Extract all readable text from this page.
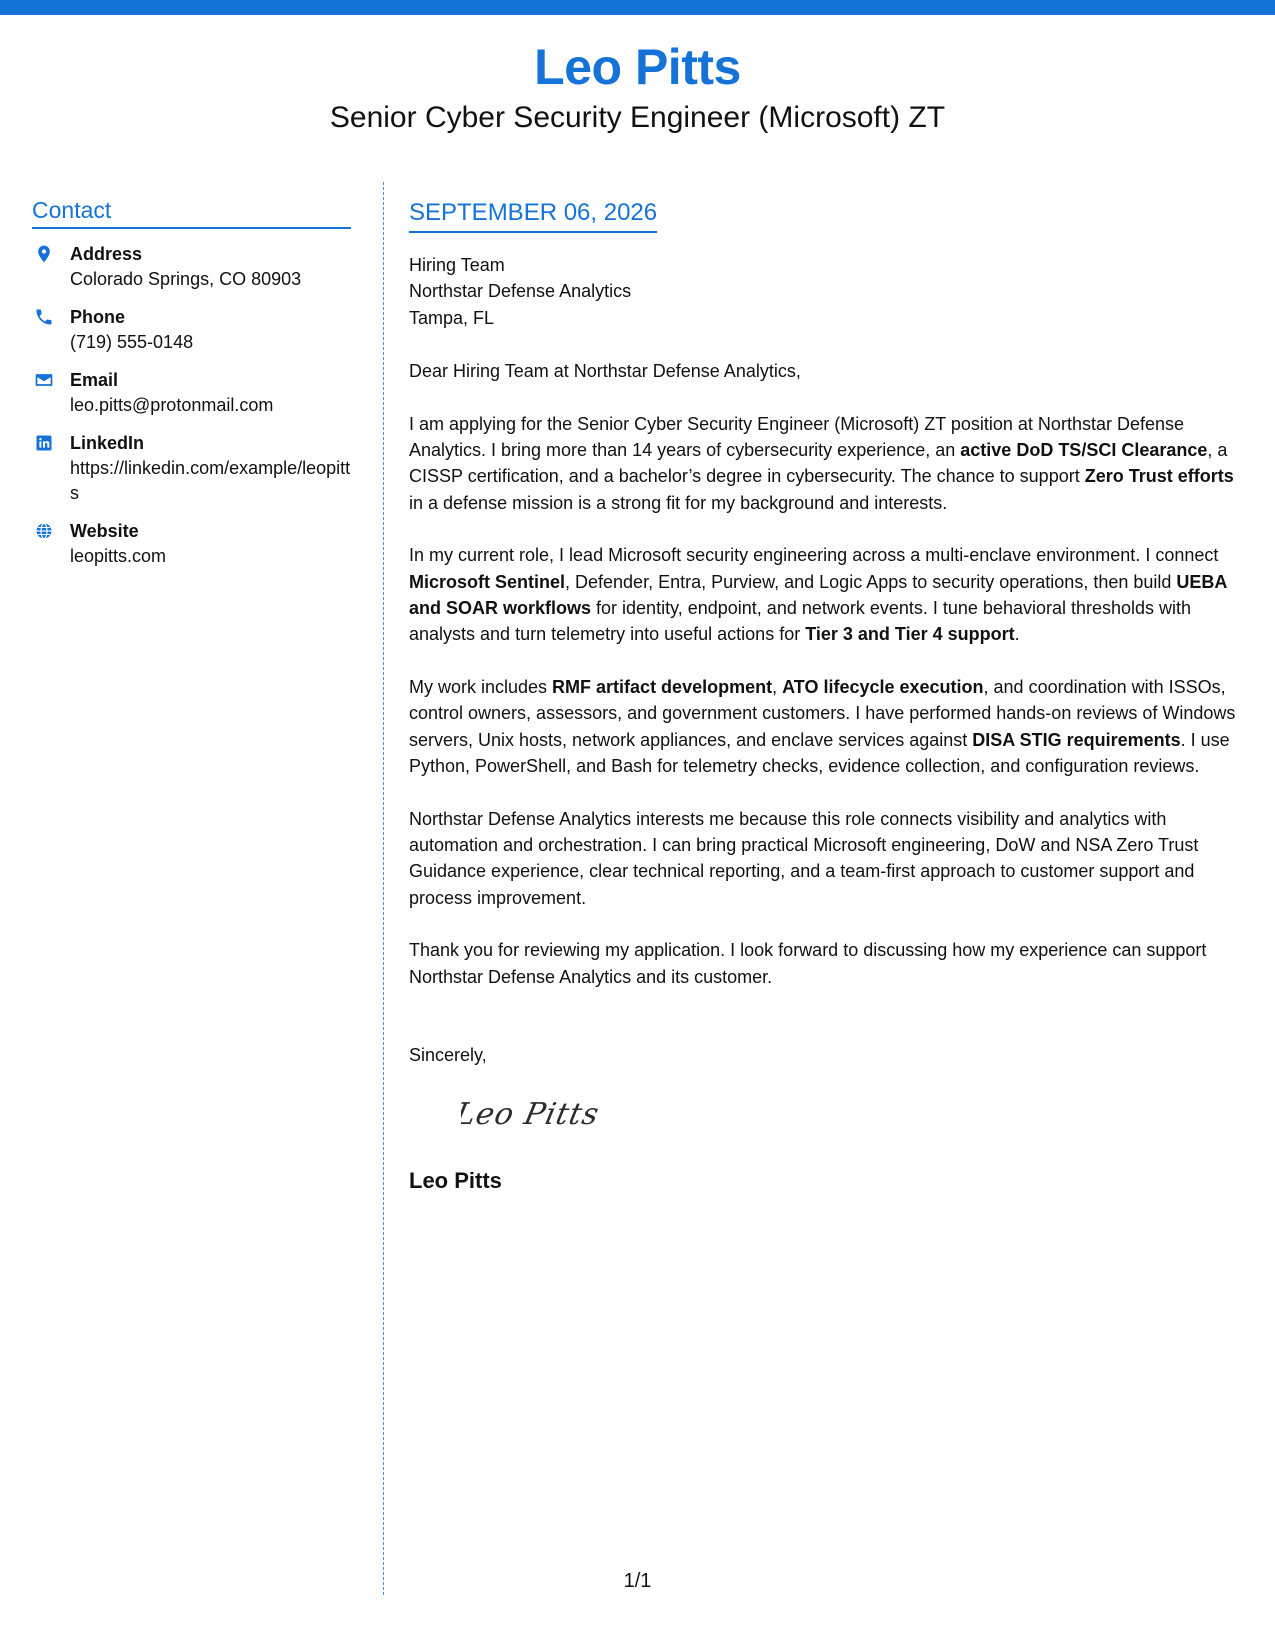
Leo Pitts
Senior Cyber Security Engineer (Microsoft) ZT
Contact
Address
Colorado Springs, CO 80903
Phone
(719) 555-0148
Email
leo.pitts@protonmail.com
LinkedIn
https://linkedin.com/example/leopitts
Website
leopitts.com
SEPTEMBER 06, 2026
Hiring Team
Northstar Defense Analytics
Tampa, FL
Dear Hiring Team at Northstar Defense Analytics,

I am applying for the Senior Cyber Security Engineer (Microsoft) ZT position at Northstar Defense Analytics. I bring more than 14 years of cybersecurity experience, an active DoD TS/SCI Clearance, a CISSP certification, and a bachelor’s degree in cybersecurity. The chance to support Zero Trust efforts in a defense mission is a strong fit for my background and interests.

In my current role, I lead Microsoft security engineering across a multi-enclave environment. I connect Microsoft Sentinel, Defender, Entra, Purview, and Logic Apps to security operations, then build UEBA and SOAR workflows for identity, endpoint, and network events. I tune behavioral thresholds with analysts and turn telemetry into useful actions for Tier 3 and Tier 4 support.

My work includes RMF artifact development, ATO lifecycle execution, and coordination with ISSOs, control owners, assessors, and government customers. I have performed hands-on reviews of Windows servers, Unix hosts, network appliances, and enclave services against DISA STIG requirements. I use Python, PowerShell, and Bash for telemetry checks, evidence collection, and configuration reviews.

Northstar Defense Analytics interests me because this role connects visibility and analytics with automation and orchestration. I can bring practical Microsoft engineering, DoW and NSA Zero Trust Guidance experience, clear technical reporting, and a team-first approach to customer support and process improvement.

Thank you for reviewing my application. I look forward to discussing how my experience can support Northstar Defense Analytics and its customer.

Sincerely,
Leo Pitts
Leo Pitts
1/1
